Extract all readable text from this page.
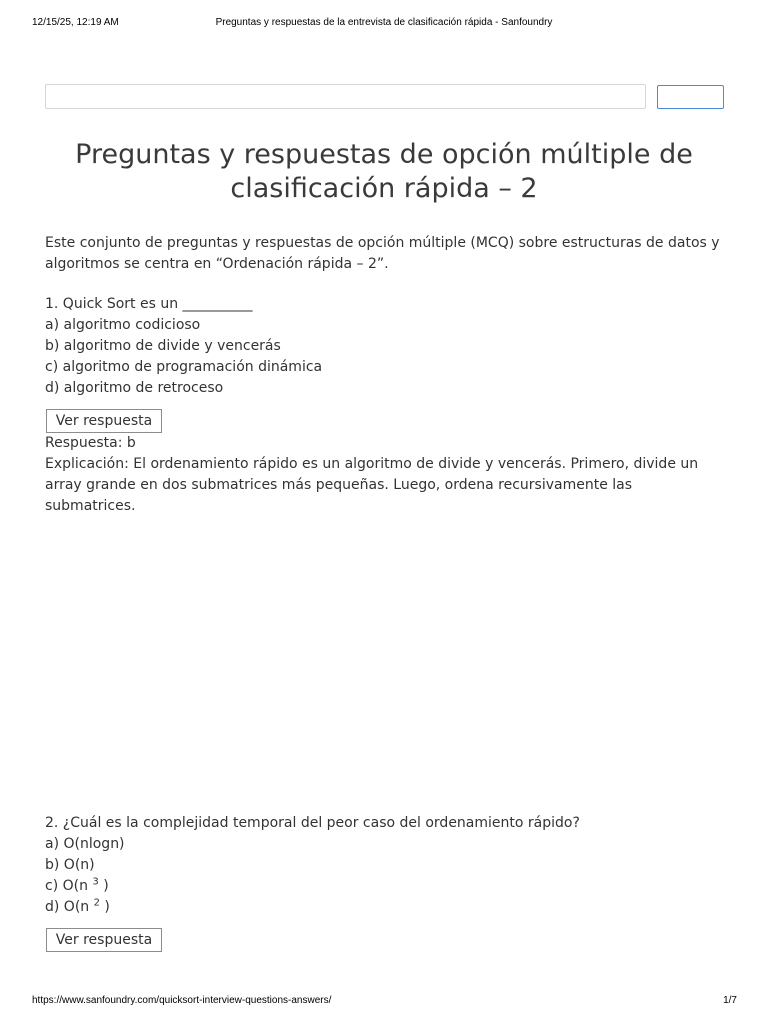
12/15/25, 12:19 AM	Preguntas y respuestas de la entrevista de clasificación rápida - Sanfoundry
Preguntas y respuestas de opción múltiple de clasificación rápida – 2

Este conjunto de preguntas y respuestas de opción múltiple (MCQ) sobre estructuras de datos y algoritmos se centra en “Ordenación rápida – 2”.

1. Quick Sort es un __________
a) algoritmo codicioso
b) algoritmo de divide y vencerás
c) algoritmo de programación dinámica
d) algoritmo de retroceso
Ver respuesta
Respuesta: b
Explicación: El ordenamiento rápido es un algoritmo de divide y vencerás. Primero, divide un array grande en dos submatrices más pequeñas. Luego, ordena recursivamente las submatrices.
2. ¿Cuál es la complejidad temporal del peor caso del ordenamiento rápido?
a) O(nlogn)
b) O(n)
c) O(n $^3$ )
d) O(n $^2$ )
Ver respuesta
https://www.sanfoundry.com/quicksort-interview-questions-answers/	1/7
